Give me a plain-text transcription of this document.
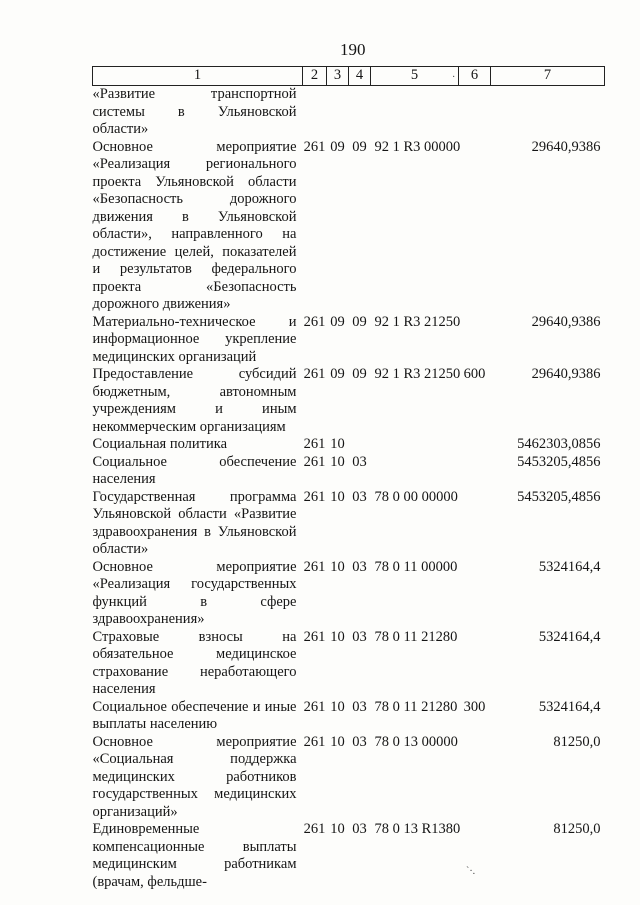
190
1	2	3	4	5	6	7
«Развитие транспортной системы в Ульяновской области»						
Основное мероприятие «Реализация регионального проекта Ульяновской области «Безопасность дорожного движения в Ульяновской области», направленного на достижение целей, показателей и результатов федерального проекта «Безопасность дорожного движения»	261	09	09	92 1 R3 00000		29640,9386
Материально-техническое и информационное укрепление медицинских организаций	261	09	09	92 1 R3 21250		29640,9386
Предоставление субсидий бюджетным, автономным учреждениям и иным некоммерческим организациям	261	09	09	92 1 R3 21250	600	29640,9386
Социальная политика	261	10				5462303,0856
Социальное обеспечение населения	261	10	03			5453205,4856
Государственная программа Ульяновской области «Развитие здравоохранения в Ульяновской области»	261	10	03	78 0 00 00000		5453205,4856
Основное мероприятие «Реализация государственных функций в сфере здравоохранения»	261	10	03	78 0 11 00000		5324164,4
Страховые взносы на обязательное медицинское страхование неработающего населения	261	10	03	78 0 11 21280		5324164,4
Социальное обеспечение и иные выплаты населению	261	10	03	78 0 11 21280	300	5324164,4
Основное мероприятие «Социальная поддержка медицинских работников государственных медицинских организаций»	261	10	03	78 0 13 00000		81250,0
Единовременные компенсационные выплаты медицинским работникам (врачам, фельдше-	261	10	03	78 0 13 R1380		81250,0
·
`·.
